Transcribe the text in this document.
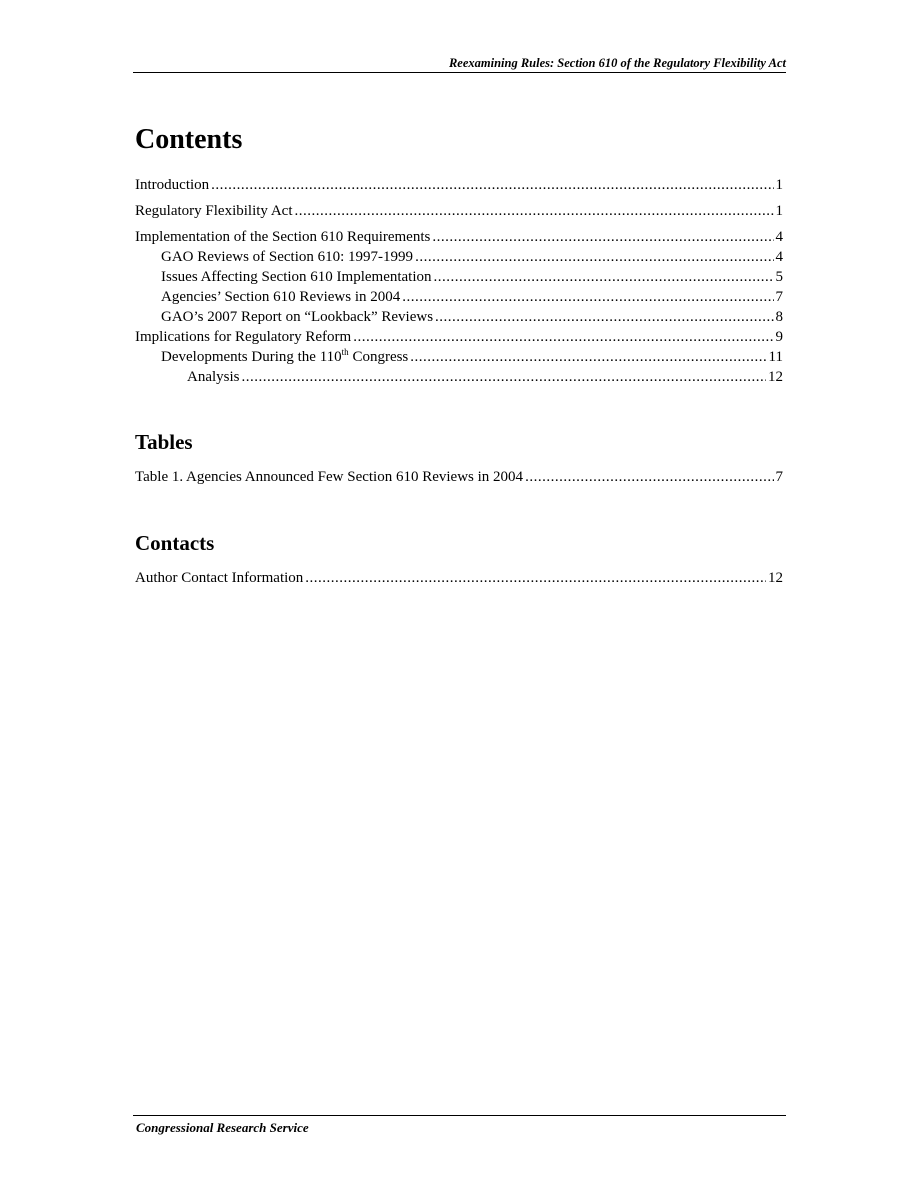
Reexamining Rules: Section 610 of the Regulatory Flexibility Act
Contents
Introduction .....	1
Regulatory Flexibility Act .....	1
Implementation of the Section 610 Requirements .....	4
GAO Reviews of Section 610: 1997-1999 .....	4
Issues Affecting Section 610 Implementation .....	5
Agencies’ Section 610 Reviews in 2004 .....	7
GAO’s 2007 Report on “Lookback” Reviews .....	8
Implications for Regulatory Reform .....	9
Developments During the 110th Congress .....	11
Analysis .....	12
Tables
Table 1. Agencies Announced Few Section 610 Reviews in 2004 .....	7
Contacts
Author Contact Information .....	12
Congressional Research Service
